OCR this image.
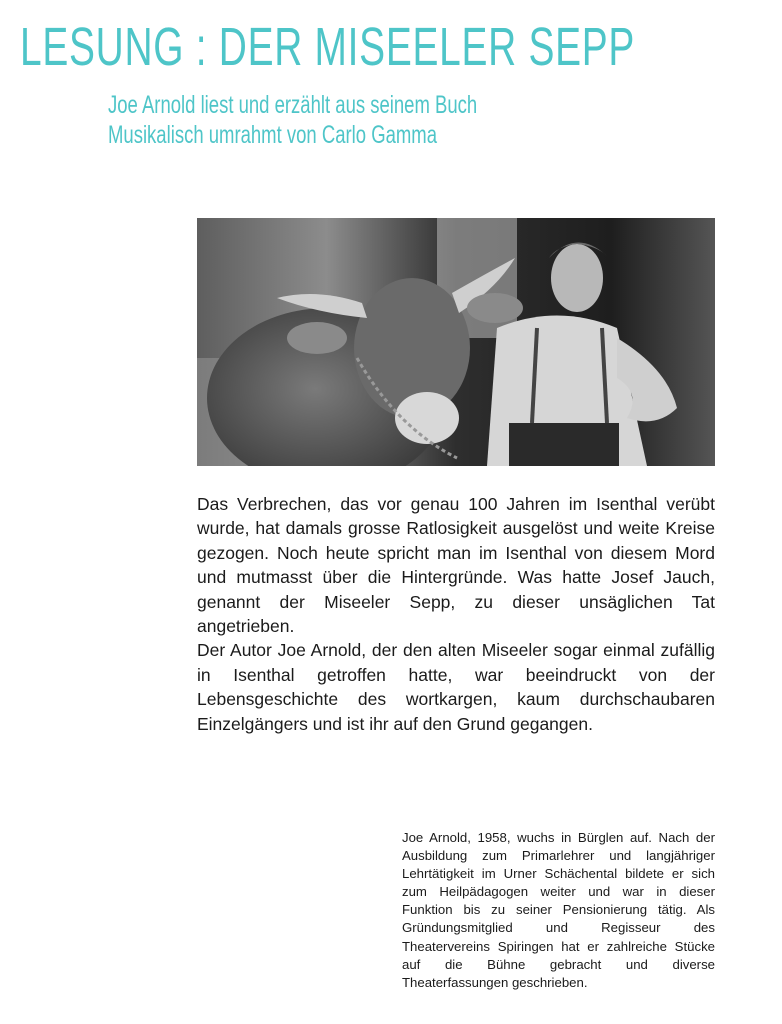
LESUNG : DER MISEELER SEPP
Joe Arnold liest und erzählt aus seinem Buch
Musikalisch umrahmt von Carlo Gamma

Das Verbrechen, das vor genau 100 Jahren im Isenthal verübt wurde, hat damals grosse Ratlosigkeit ausgelöst und weite Kreise gezogen. Noch heute spricht man im Isenthal von diesem Mord und mutmasst über die Hintergründe. Was hatte Josef Jauch, genannt der Miseeler Sepp, zu dieser unsäglichen Tat angetrieben.

Der Autor Joe Arnold, der den alten Miseeler sogar einmal zufällig in Isenthal getroffen hatte, war beeindruckt von der Lebensgeschichte des wortkargen, kaum durchschaubaren Einzelgängers und ist ihr auf den Grund gegangen.

Joe Arnold, 1958, wuchs in Bürglen auf. Nach der Ausbildung zum Primarlehrer und langjähriger Lehrtätigkeit im Urner Schächental bildete er sich zum Heilpädagogen weiter und war in dieser Funktion bis zu seiner Pensionierung tätig. Als Gründungsmitglied und Regisseur des Theatervereins Spiringen hat er zahlreiche Stücke auf die Bühne gebracht und diverse Theaterfassungen geschrieben.
